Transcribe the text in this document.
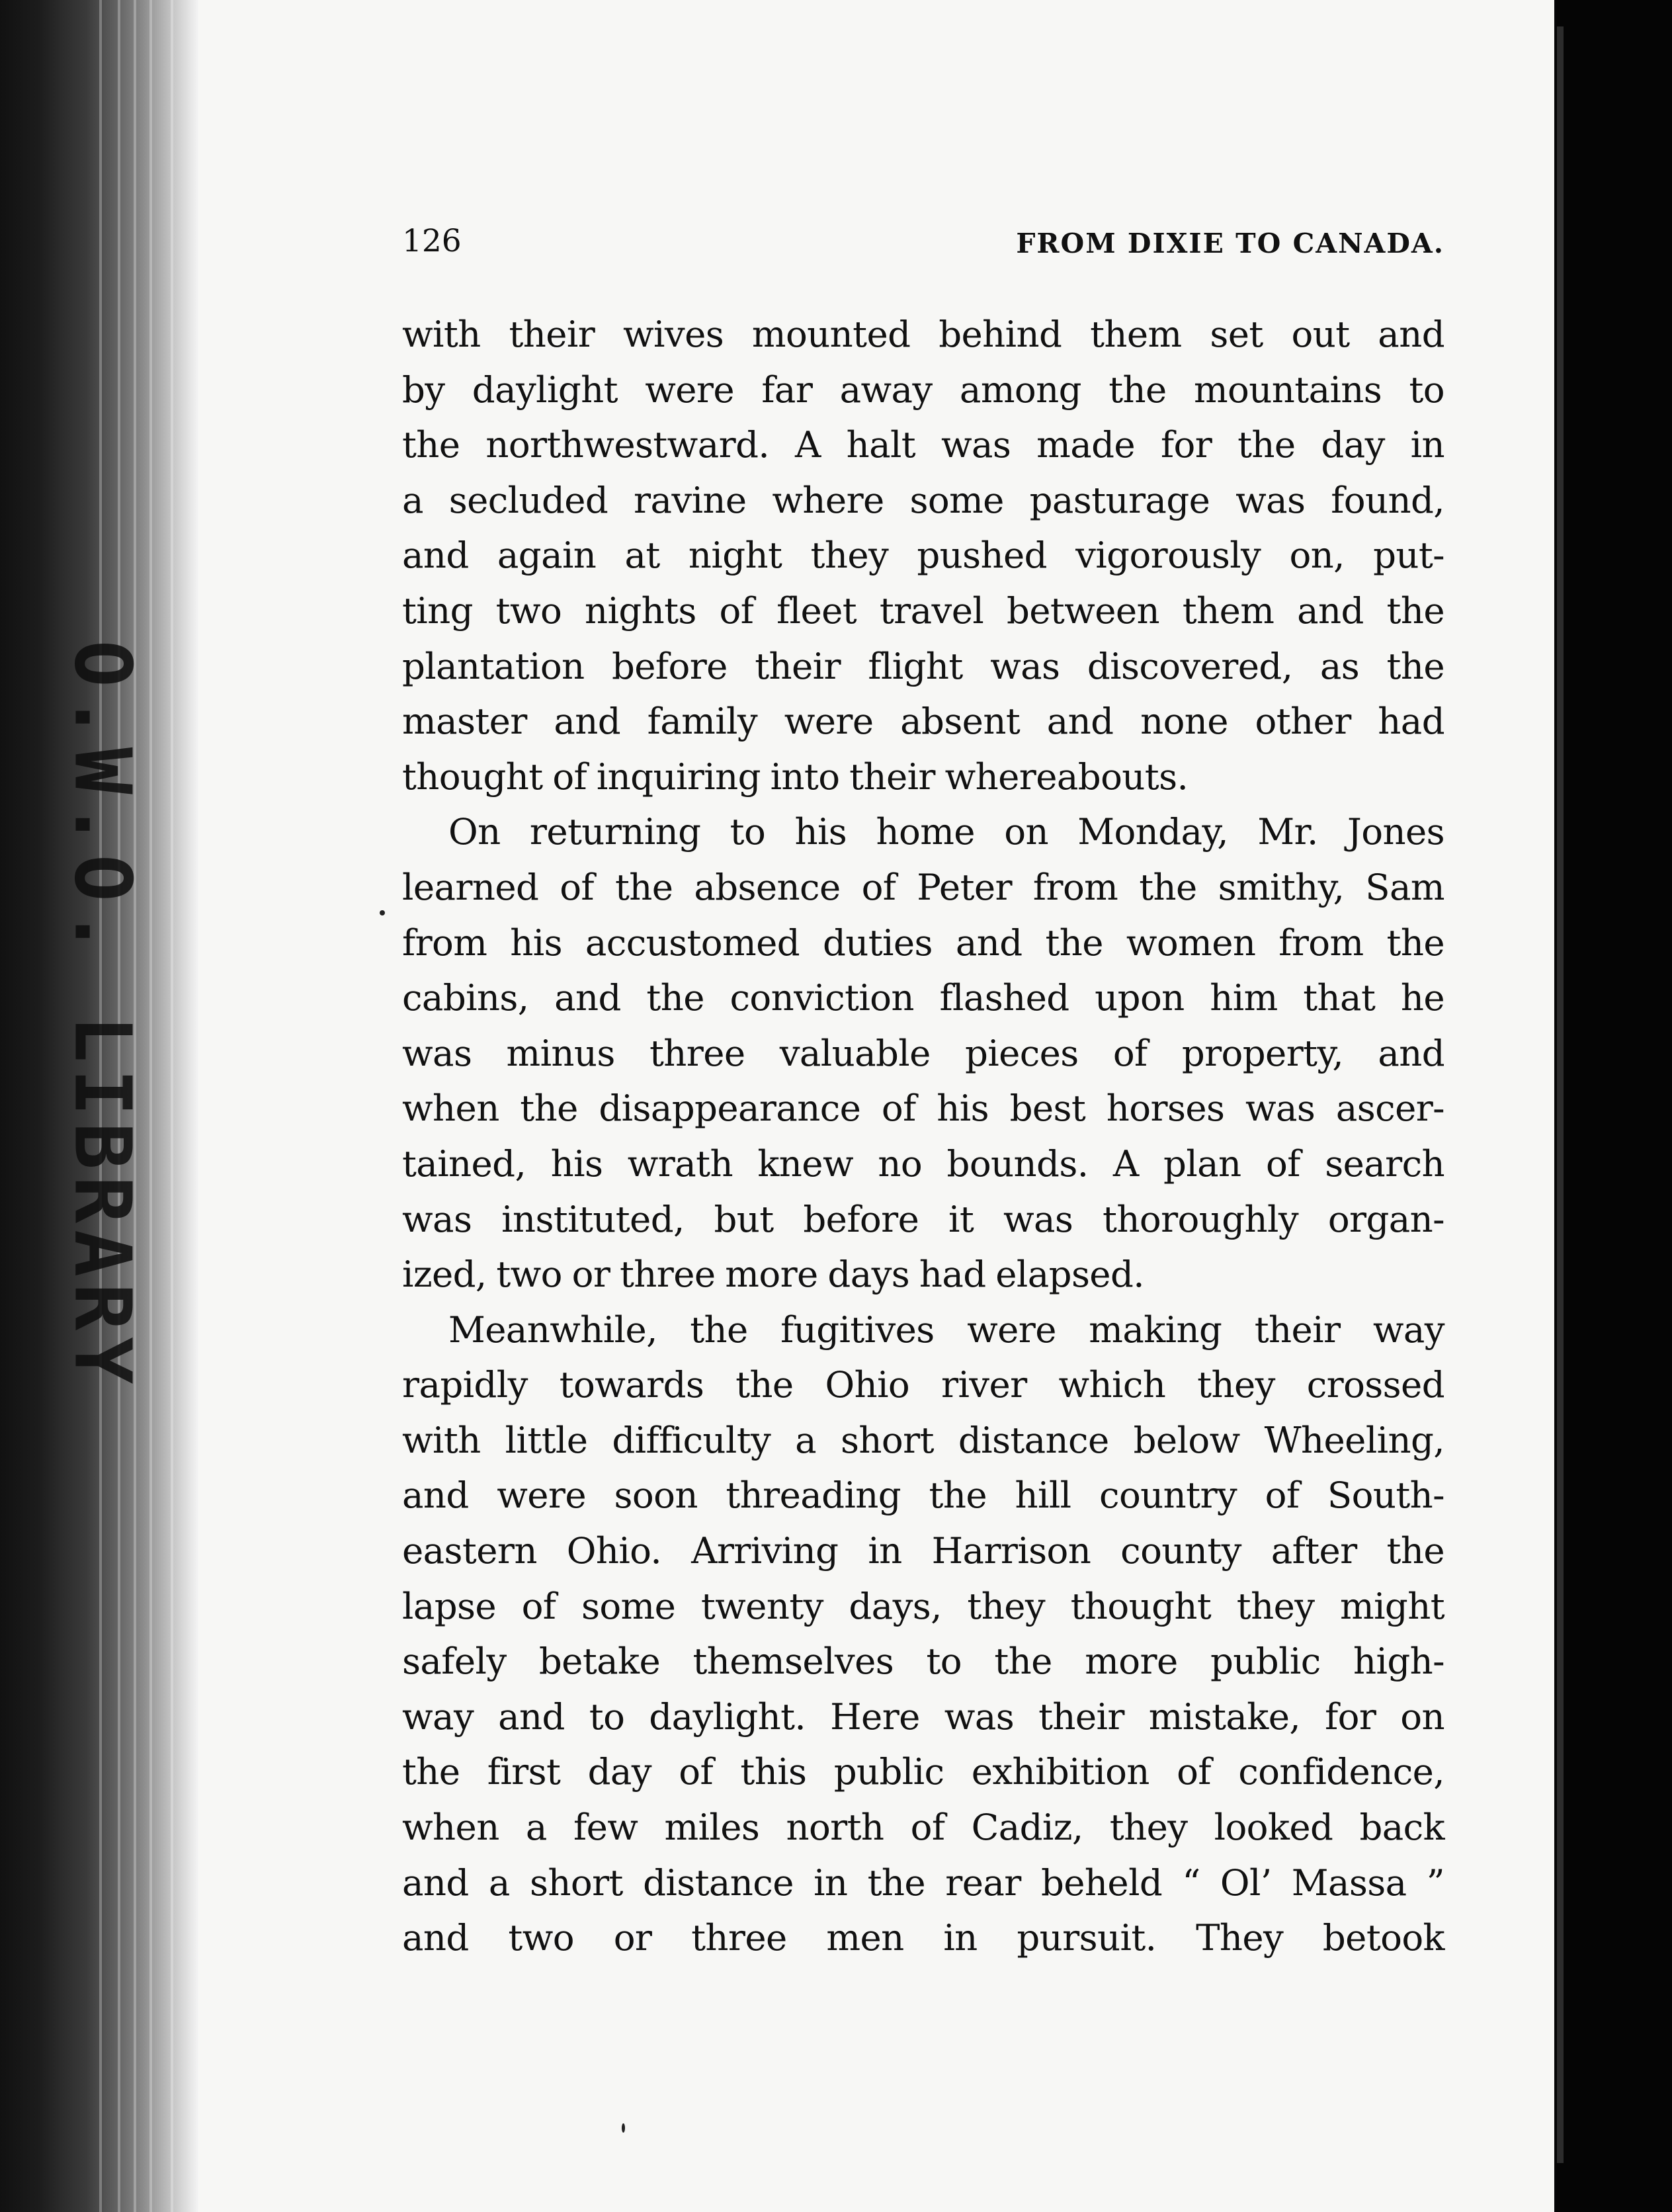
O.W.O. LIBRARY
126	FROM DIXIE TO CANADA.
with their wives mounted behind them set out and
by daylight were far away among the mountains to
the northwestward. A halt was made for the day in
a secluded ravine where some pasturage was found,
and again at night they pushed vigorously on, put-
ting two nights of fleet travel between them and the
plantation before their flight was discovered, as the
master and family were absent and none other had
thought of inquiring into their whereabouts.
On returning to his home on Monday, Mr. Jones
learned of the absence of Peter from the smithy, Sam
from his accustomed duties and the women from the
cabins, and the conviction flashed upon him that he
was minus three valuable pieces of property, and
when the disappearance of his best horses was ascer-
tained, his wrath knew no bounds. A plan of search
was instituted, but before it was thoroughly organ-
ized, two or three more days had elapsed.
Meanwhile, the fugitives were making their way
rapidly towards the Ohio river which they crossed
with little difficulty a short distance below Wheeling,
and were soon threading the hill country of South-
eastern Ohio. Arriving in Harrison county after the
lapse of some twenty days, they thought they might
safely betake themselves to the more public high-
way and to daylight. Here was their mistake, for on
the first day of this public exhibition of confidence,
when a few miles north of Cadiz, they looked back
and a short distance in the rear beheld “ Ol’ Massa ”
and two or three men in pursuit. They betook
